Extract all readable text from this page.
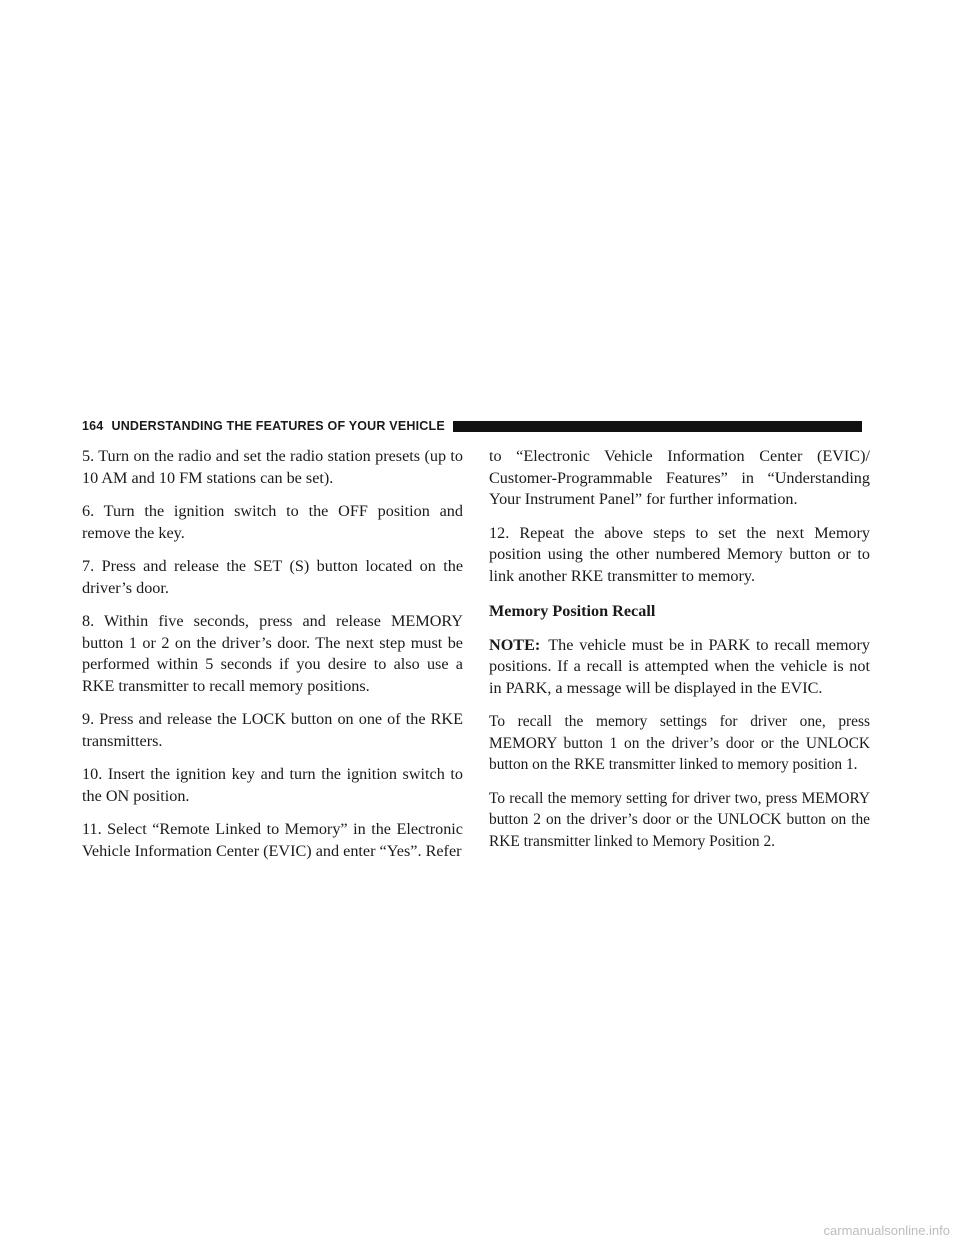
164 UNDERSTANDING THE FEATURES OF YOUR VEHICLE

5. Turn on the radio and set the radio station presets (up to 10 AM and 10 FM stations can be set).

6. Turn the ignition switch to the OFF position and remove the key.

7. Press and release the SET (S) button located on the driver’s door.

8. Within five seconds, press and release MEMORY button 1 or 2 on the driver’s door. The next step must be performed within 5 seconds if you desire to also use a RKE transmitter to recall memory positions.

9. Press and release the LOCK button on one of the RKE transmitters.

10. Insert the ignition key and turn the ignition switch to the ON position.

11. Select “Remote Linked to Memory” in the Electronic Vehicle Information Center (EVIC) and enter “Yes”. Refer

to “Electronic Vehicle Information Center (EVIC)/ Customer-Programmable Features” in “Understanding Your Instrument Panel” for further information.

12. Repeat the above steps to set the next Memory position using the other numbered Memory button or to link another RKE transmitter to memory.

Memory Position Recall

NOTE: The vehicle must be in PARK to recall memory positions. If a recall is attempted when the vehicle is not in PARK, a message will be displayed in the EVIC.

To recall the memory settings for driver one, press MEMORY button 1 on the driver’s door or the UNLOCK button on the RKE transmitter linked to memory position 1.

To recall the memory setting for driver two, press MEMORY button 2 on the driver’s door or the UNLOCK button on the RKE transmitter linked to Memory Position 2.

carmanualsonline.info
